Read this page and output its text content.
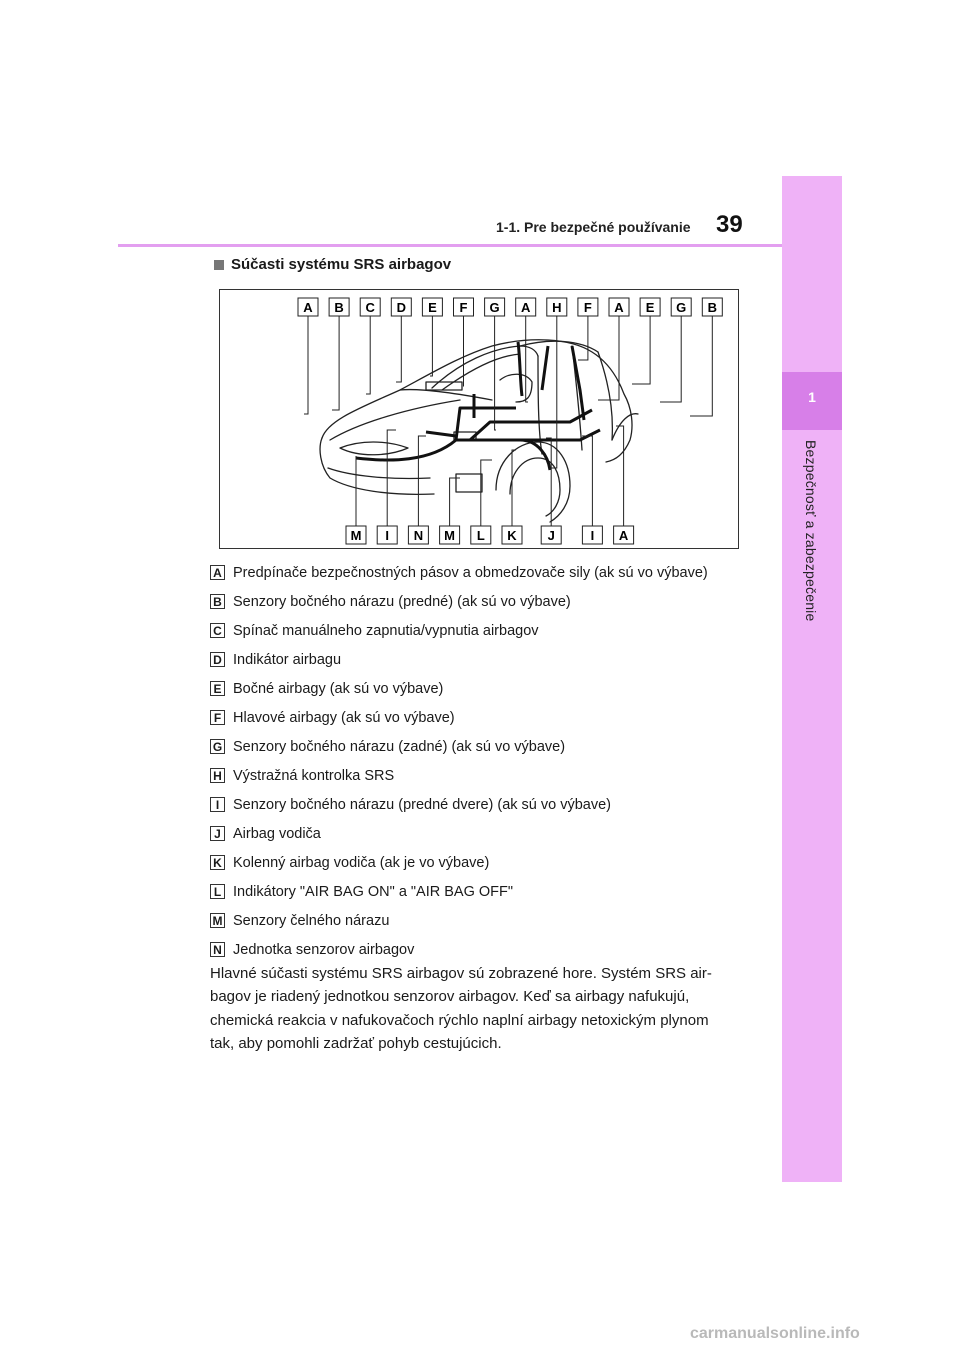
1-1. Pre bezpečné používanie 39
1
Bezpečnosť a zabezpečenie
Súčasti systému SRS airbagov
A B C D E F G A H F A E G B
M I N M L K J	I A
A Predpínače bezpečnostných pásov a obmedzovače sily (ak sú vo výbave)
B Senzory bočného nárazu (predné) (ak sú vo výbave)
C Spínač manuálneho zapnutia/vypnutia airbagov
D Indikátor airbagu
E Bočné airbagy (ak sú vo výbave)
F Hlavové airbagy (ak sú vo výbave)
G Senzory bočného nárazu (zadné) (ak sú vo výbave)
H Výstražná kontrolka SRS
I Senzory bočného nárazu (predné dvere) (ak sú vo výbave)
J Airbag vodiča
K Kolenný airbag vodiča (ak je vo výbave)
L Indikátory "AIR BAG ON" a "AIR BAG OFF"
M Senzory čelného nárazu
N Jednotka senzorov airbagov
Hlavné súčasti systému SRS airbagov sú zobrazené hore. Systém SRS air-
bagov je riadený jednotkou senzorov airbagov. Keď sa airbagy nafukujú,
chemická reakcia v nafukovačoch rýchlo naplní airbagy netoxickým plynom
tak, aby pomohli zadržať pohyb cestujúcich.
carmanualsonline.info
